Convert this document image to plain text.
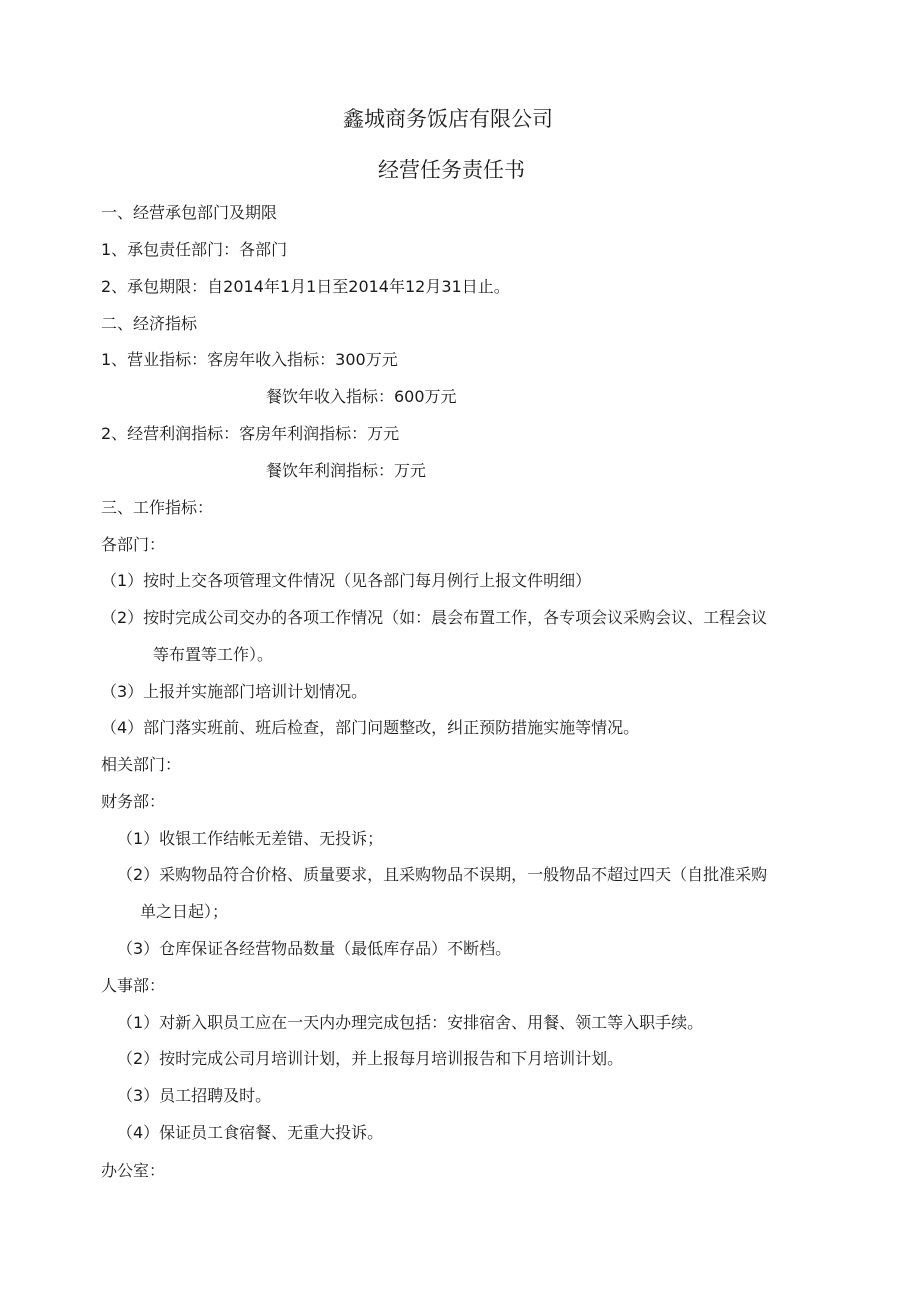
鑫城商务饭店有限公司
经营任务责任书
一、经营承包部门及期限
1、承包责任部门：各部门
2、承包期限：自2014年1月1日至2014年12月31日止。
二、经济指标
1、营业指标：客房年收入指标：300万元
餐饮年收入指标：600万元
2、经营利润指标：客房年利润指标：万元
餐饮年利润指标：万元
三、工作指标：
各部门：
（1）按时上交各项管理文件情况（见各部门每月例行上报文件明细）
（2）按时完成公司交办的各项工作情况（如：晨会布置工作，各专项会议采购会议、工程会议
等布置等工作）。
（3）上报并实施部门培训计划情况。
（4）部门落实班前、班后检查，部门问题整改，纠正预防措施实施等情况。
相关部门：
财务部：
（1）收银工作结帐无差错、无投诉；
（2）采购物品符合价格、质量要求，且采购物品不误期，一般物品不超过四天（自批准采购
单之日起）；
（3）仓库保证各经营物品数量（最低库存品）不断档。
人事部：
（1）对新入职员工应在一天内办理完成包括：安排宿舍、用餐、领工等入职手续。
（2）按时完成公司月培训计划，并上报每月培训报告和下月培训计划。
（3）员工招聘及时。
（4）保证员工食宿餐、无重大投诉。
办公室：
